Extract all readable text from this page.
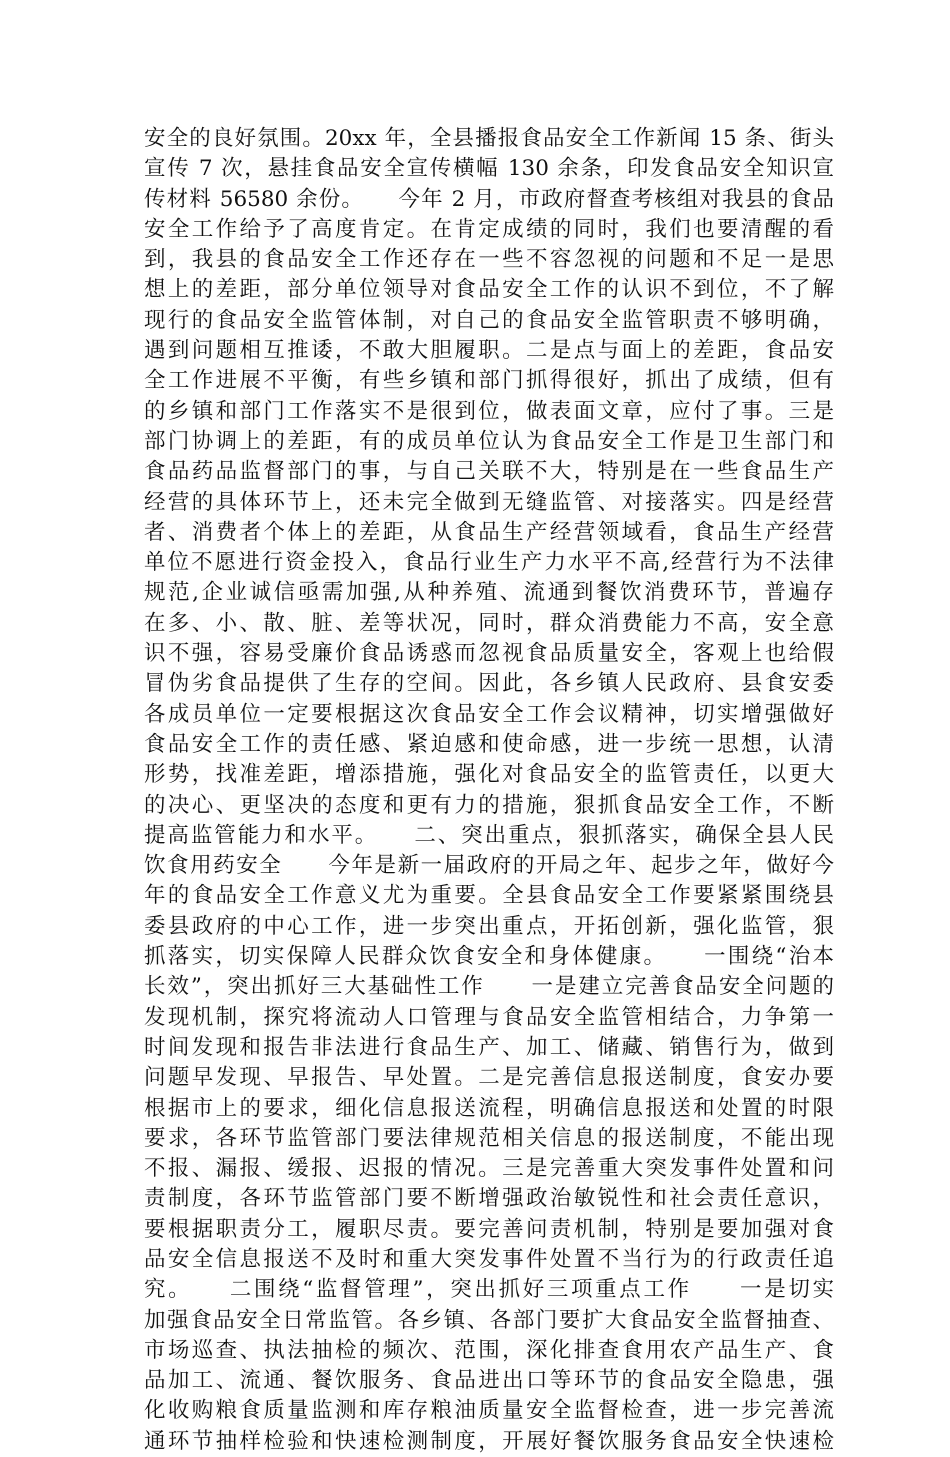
安全的良好氛围。20xx 年，全县播报食品安全工作新闻 15 条、街头
宣传 7 次，悬挂食品安全宣传横幅 130 余条，印发食品安全知识宣
传材料 56580 余份。　　今年 2 月，市政府督查考核组对我县的食品
安全工作给予了高度肯定。在肯定成绩的同时，我们也要清醒的看
到，我县的食品安全工作还存在一些不容忽视的问题和不足一是思
想上的差距，部分单位领导对食品安全工作的认识不到位，不了解
现行的食品安全监管体制，对自己的食品安全监管职责不够明确，
遇到问题相互推诿，不敢大胆履职。二是点与面上的差距，食品安
全工作进展不平衡，有些乡镇和部门抓得很好，抓出了成绩，但有
的乡镇和部门工作落实不是很到位，做表面文章，应付了事。三是
部门协调上的差距，有的成员单位认为食品安全工作是卫生部门和
食品药品监督部门的事，与自己关联不大，特别是在一些食品生产
经营的具体环节上，还未完全做到无缝监管、对接落实。四是经营
者、消费者个体上的差距，从食品生产经营领域看，食品生产经营
单位不愿进行资金投入，食品行业生产力水平不高,经营行为不法律
规范,企业诚信亟需加强,从种养殖、流通到餐饮消费环节，普遍存
在多、小、散、脏、差等状况，同时，群众消费能力不高，安全意
识不强，容易受廉价食品诱惑而忽视食品质量安全，客观上也给假
冒伪劣食品提供了生存的空间。因此，各乡镇人民政府、县食安委
各成员单位一定要根据这次食品安全工作会议精神，切实增强做好
食品安全工作的责任感、紧迫感和使命感，进一步统一思想，认清
形势，找准差距，增添措施，强化对食品安全的监管责任，以更大
的决心、更坚决的态度和更有力的措施，狠抓食品安全工作，不断
提高监管能力和水平。　　二、突出重点，狠抓落实，确保全县人民
饮食用药安全　　今年是新一届政府的开局之年、起步之年，做好今
年的食品安全工作意义尤为重要。全县食品安全工作要紧紧围绕县
委县政府的中心工作，进一步突出重点，开拓创新，强化监管，狠
抓落实，切实保障人民群众饮食安全和身体健康。　　一围绕“治本
长效”，突出抓好三大基础性工作　　一是建立完善食品安全问题的
发现机制，探究将流动人口管理与食品安全监管相结合，力争第一
时间发现和报告非法进行食品生产、加工、储藏、销售行为，做到
问题早发现、早报告、早处置。二是完善信息报送制度，食安办要
根据市上的要求，细化信息报送流程，明确信息报送和处置的时限
要求，各环节监管部门要法律规范相关信息的报送制度，不能出现
不报、漏报、缓报、迟报的情况。三是完善重大突发事件处置和问
责制度，各环节监管部门要不断增强政治敏锐性和社会责任意识，
要根据职责分工，履职尽责。要完善问责机制，特别是要加强对食
品安全信息报送不及时和重大突发事件处置不当行为的行政责任追
究。　　二围绕“监督管理”，突出抓好三项重点工作　　一是切实
加强食品安全日常监管。各乡镇、各部门要扩大食品安全监督抽查、
市场巡查、执法抽检的频次、范围，深化排查食用农产品生产、食
品加工、流通、餐饮服务、食品进出口等环节的食品安全隐患，强
化收购粮食质量监测和库存粮油质量安全监督检查，进一步完善流
通环节抽样检验和快速检测制度，开展好餐饮服务食品安全快速检
